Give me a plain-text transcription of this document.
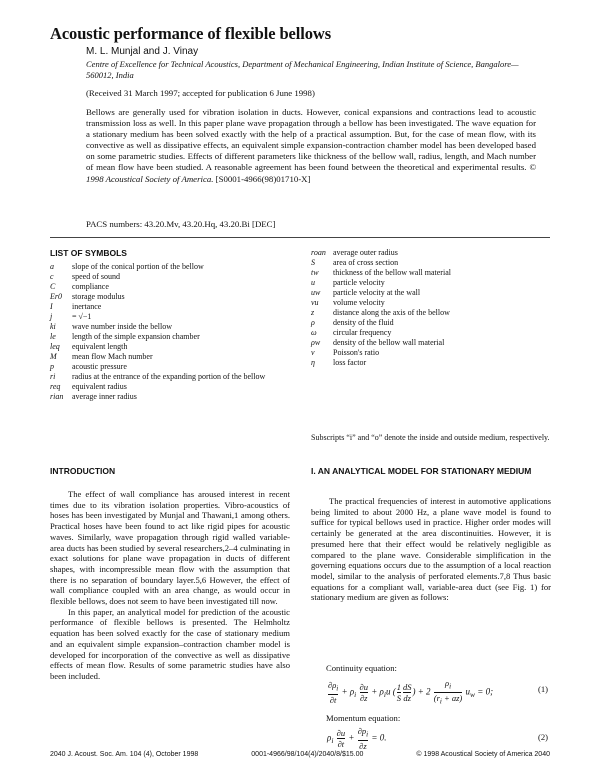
Acoustic performance of flexible bellows
M. L. Munjal and J. Vinay
Centre of Excellence for Technical Acoustics, Department of Mechanical Engineering, Indian Institute of Science, Bangalore—560012, India
(Received 31 March 1997; accepted for publication 6 June 1998)
Bellows are generally used for vibration isolation in ducts. However, conical expansions and contractions lead to acoustic transmission loss as well. In this paper plane wave propagation through a bellow has been investigated. The wave equation for a stationary medium has been solved exactly with the help of a practical assumption. But, for the case of mean flow, with its convective as well as dissipative effects, an equivalent simple expansion-contraction chamber model has been developed based on some parametric studies. Effects of different parameters like thickness of the bellow wall, radius, length, and Mach number of mean flow have been studied. A reasonable agreement has been found between the theoretical and experimental results. © 1998 Acoustical Society of America. [S0001-4966(98)01710-X]
PACS numbers: 43.20.Mv, 43.20.Hq, 43.20.Bi [DEC]
LIST OF SYMBOLS
a	slope of the conical portion of the bellow
c	speed of sound
C	compliance
Er0	storage modulus
I	inertance
j	= √−1
ki	wave number inside the bellow
le	length of the simple expansion chamber
leq	equivalent length
M	mean flow Mach number
p	acoustic pressure
ri	radius at the entrance of the expanding portion of the bellow
req	equivalent radius
rian	average inner radius
roan average outer radius
S	area of cross section
tw	thickness of the bellow wall material
u	particle velocity
uw	particle velocity at the wall
vu	volume velocity
z	distance along the axis of the bellow
ρ	density of the fluid
ω	circular frequency
ρw	density of the bellow wall material
ν	Poisson's ratio
η	loss factor
Subscripts “i” and “o” denote the inside and outside medium, respectively.
INTRODUCTION

The effect of wall compliance has aroused interest in recent times due to its vibration isolation properties. Vibro-acoustics of hoses has been investigated by Munjal and Thawani,1 among others. Practical hoses have been found to act like rigid pipes for acoustic waves. Similarly, wave propagation through rigid walled variable-area ducts has been studied by several researchers,2–4 culminating in exact solutions for plane wave propagation in ducts of different shapes, with incompressible mean flow with the assumption that there is no separation of boundary layer.5,6 However, the effect of wall compliance coupled with an area change, as would occur in flexible bellows, does not seem to have been investigated till now.

In this paper, an analytical model for prediction of the acoustic performance of flexible bellows is presented. The Helmholtz equation has been solved exactly for the case of stationary medium and an equivalent simple expansion–contraction chamber model is developed for incorporation of the convective as well as dissipative effects of mean flow. Results of some parametric studies have also been included.

I. AN ANALYTICAL MODEL FOR STATIONARY MEDIUM

The practical frequencies of interest in automotive applications being limited to about 2000 Hz, a plane wave model is found to suffice for typical bellows used in practice. Higher order modes will certainly be generated at the area discontinuities. However, it is presumed here that their effect would be relatively negligible as compared to the plane wave. Considerable simplification in the governing equations occurs due to the assumption of a local reaction model, similar to the analysis of perforated elements.7,8 Thus basic equations for a compliant wall, variable-area duct (see Fig. 1) for stationary medium are given as follows:

Continuity equation:
$\frac{\partial\rho_i}{\partial t} + \rho_i \frac{\partial u}{\partial z} + \rho_iu$ ( $\frac{1}{S} \frac{dS}{dz}$ ) + $2 \frac{\rho_i}{(r_i + az)} u_w = 0$;	(1)
Momentum equation:
$\rho_i \frac{\partial u}{\partial t} + \frac{\partial p_i}{\partial z} = 0$.	(2)
2040 J. Acoust. Soc. Am. 104 (4), October 1998	0001-4966/98/104(4)/2040/8/$15.00	© 1998 Acoustical Society of America 2040
